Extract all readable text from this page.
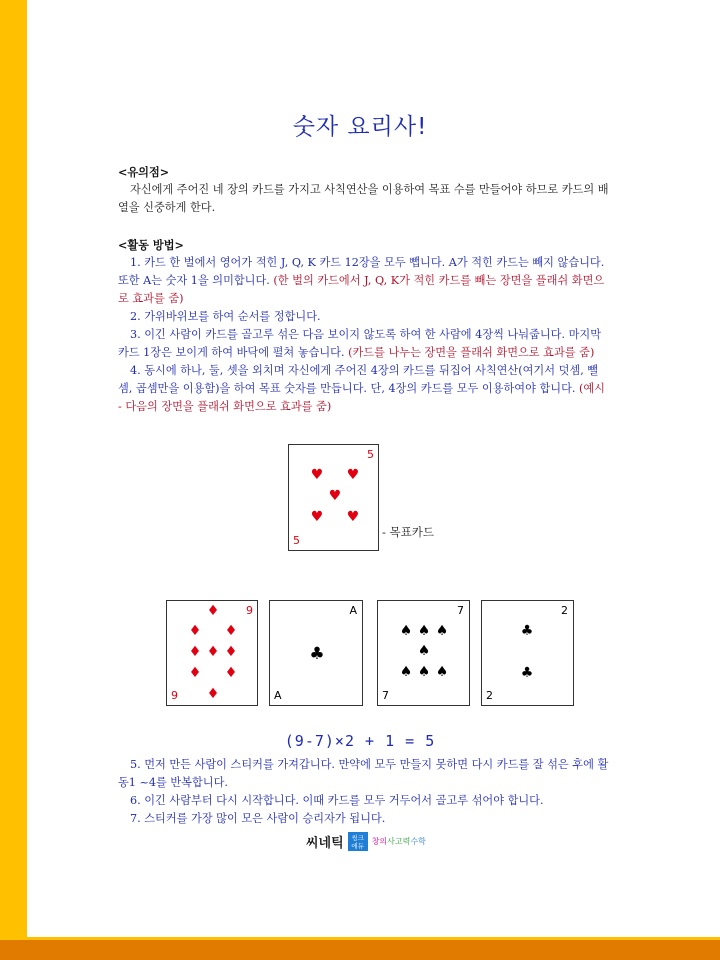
숫자 요리사!

<유의점>

자신에게 주어진 네 장의 카드를 가지고 사칙연산을 이용하여 목표 수를 만들어야 하므로 카드의 배열을 신중하게 한다.

<활동 방법>

1. 카드 한 벌에서 영어가 적힌 J, Q, K 카드 12장을 모두 뺍니다. A가 적힌 카드는 빼지 않습니다. 또한 A는 숫자 1을 의미합니다. (한 벌의 카드에서 J, Q, K가 적힌 카드를 빼는 장면을 플래쉬 화면으로 효과를 줌)

2. 가위바위보를 하여 순서를 정합니다.

3. 이긴 사람이 카드를 골고루 섞은 다음 보이지 않도록 하여 한 사람에 4장씩 나눠줍니다. 마지막 카드 1장은 보이게 하여 바닥에 펼쳐 놓습니다. (카드를 나누는 장면을 플래쉬 화면으로 효과를 줌)

4. 동시에 하나, 둘, 셋을 외치며 자신에게 주어진 4장의 카드를 뒤집어 사칙연산(여기서 덧셈, 뺄셈, 곱셈만을 이용함)을 하여 목표 숫자를 만듭니다. 단, 4장의 카드를 모두 이용하여야 합니다. (예시 - 다음의 장면을 플래쉬 화면으로 효과를 줌)

5
5
♥ ♥
♥
♥ ♥
- 목표카드
9
9
♦
♦ ♦
♦ ♦ ♦
♦ ♦
♦
A
A
♣
7
7
♠ ♠ ♠
♠
♠ ♠ ♠
2
2
♣
♣
(9-7)×2 + 1 = 5

5. 먼저 만든 사람이 스티커를 가져갑니다. 만약에 모두 만들지 못하면 다시 카드를 잘 섞은 후에 활동1 ~4를 반복합니다.

6. 이긴 사람부터 다시 시작합니다. 이때 카드를 모두 거두어서 골고루 섞어야 합니다.

7. 스티커를 가장 많이 모은 사람이 승리자가 됩니다.

씨네틱	씽크
에듀 창의사고력수학
